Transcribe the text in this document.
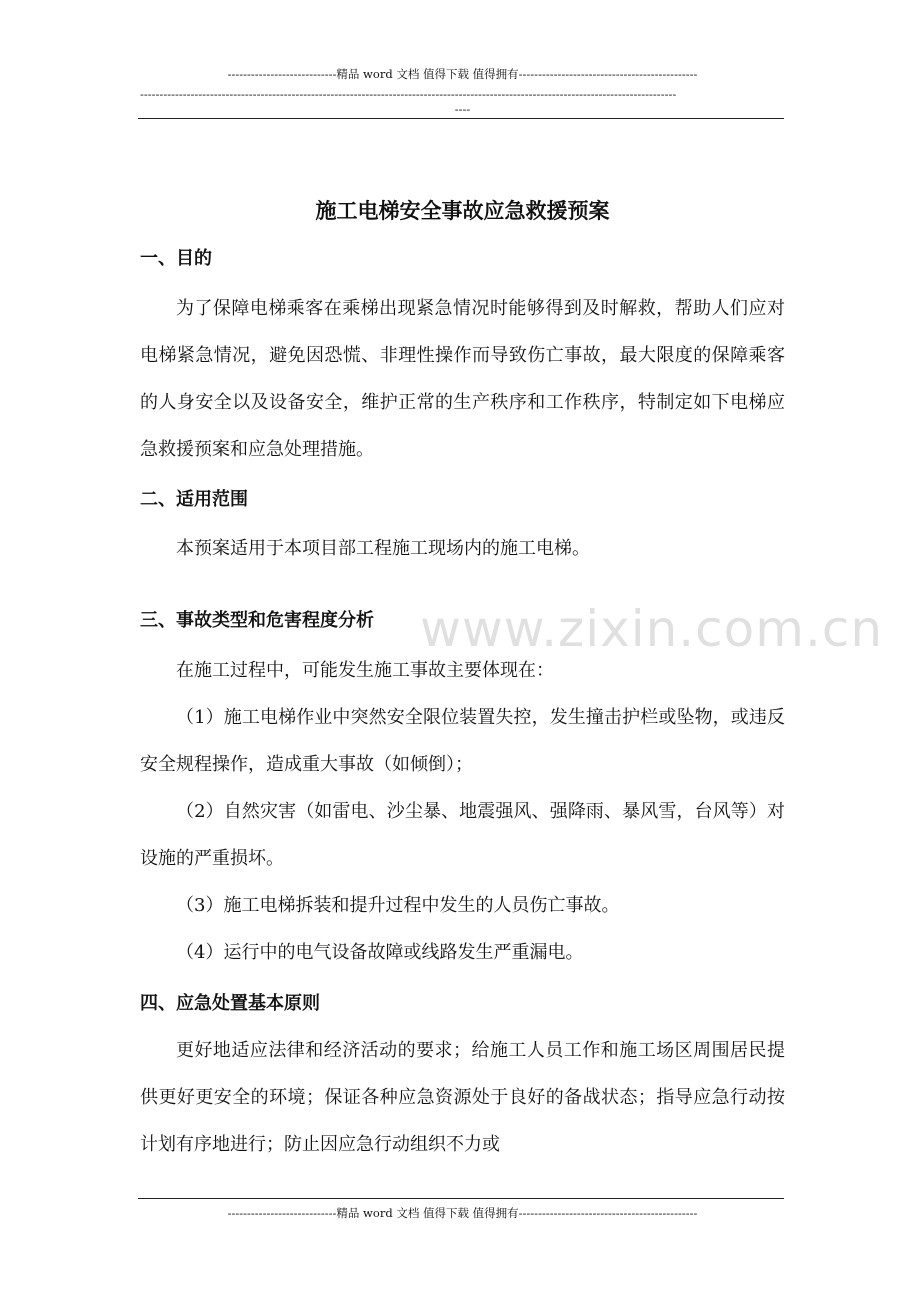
----------------------------精品 word 文档 值得下载 值得拥有----------------------------------------------
------------------------------------------------------------------------------------------------------------------------------------------
----
施工电梯安全事故应急救援预案
一、目的
为了保障电梯乘客在乘梯出现紧急情况时能够得到及时解救，帮助人们应对电梯紧急情况，避免因恐慌、非理性操作而导致伤亡事故，最大限度的保障乘客的人身安全以及设备安全，维护正常的生产秩序和工作秩序，特制定如下电梯应急救援预案和应急处理措施。
二、适用范围
本预案适用于本项目部工程施工现场内的施工电梯。
三、事故类型和危害程度分析
在施工过程中，可能发生施工事故主要体现在：
（1）施工电梯作业中突然安全限位装置失控，发生撞击护栏或坠物，或违反安全规程操作，造成重大事故（如倾倒）；
（2）自然灾害（如雷电、沙尘暴、地震强风、强降雨、暴风雪，台风等）对设施的严重损坏。
（3）施工电梯拆装和提升过程中发生的人员伤亡事故。
（4）运行中的电气设备故障或线路发生严重漏电。
四、应急处置基本原则
更好地适应法律和经济活动的要求；给施工人员工作和施工场区周围居民提供更好更安全的环境；保证各种应急资源处于良好的备战状态；指导应急行动按计划有序地进行；防止因应急行动组织不力或
www.zixin.com.cn
----------------------------精品 word 文档 值得下载 值得拥有----------------------------------------------
